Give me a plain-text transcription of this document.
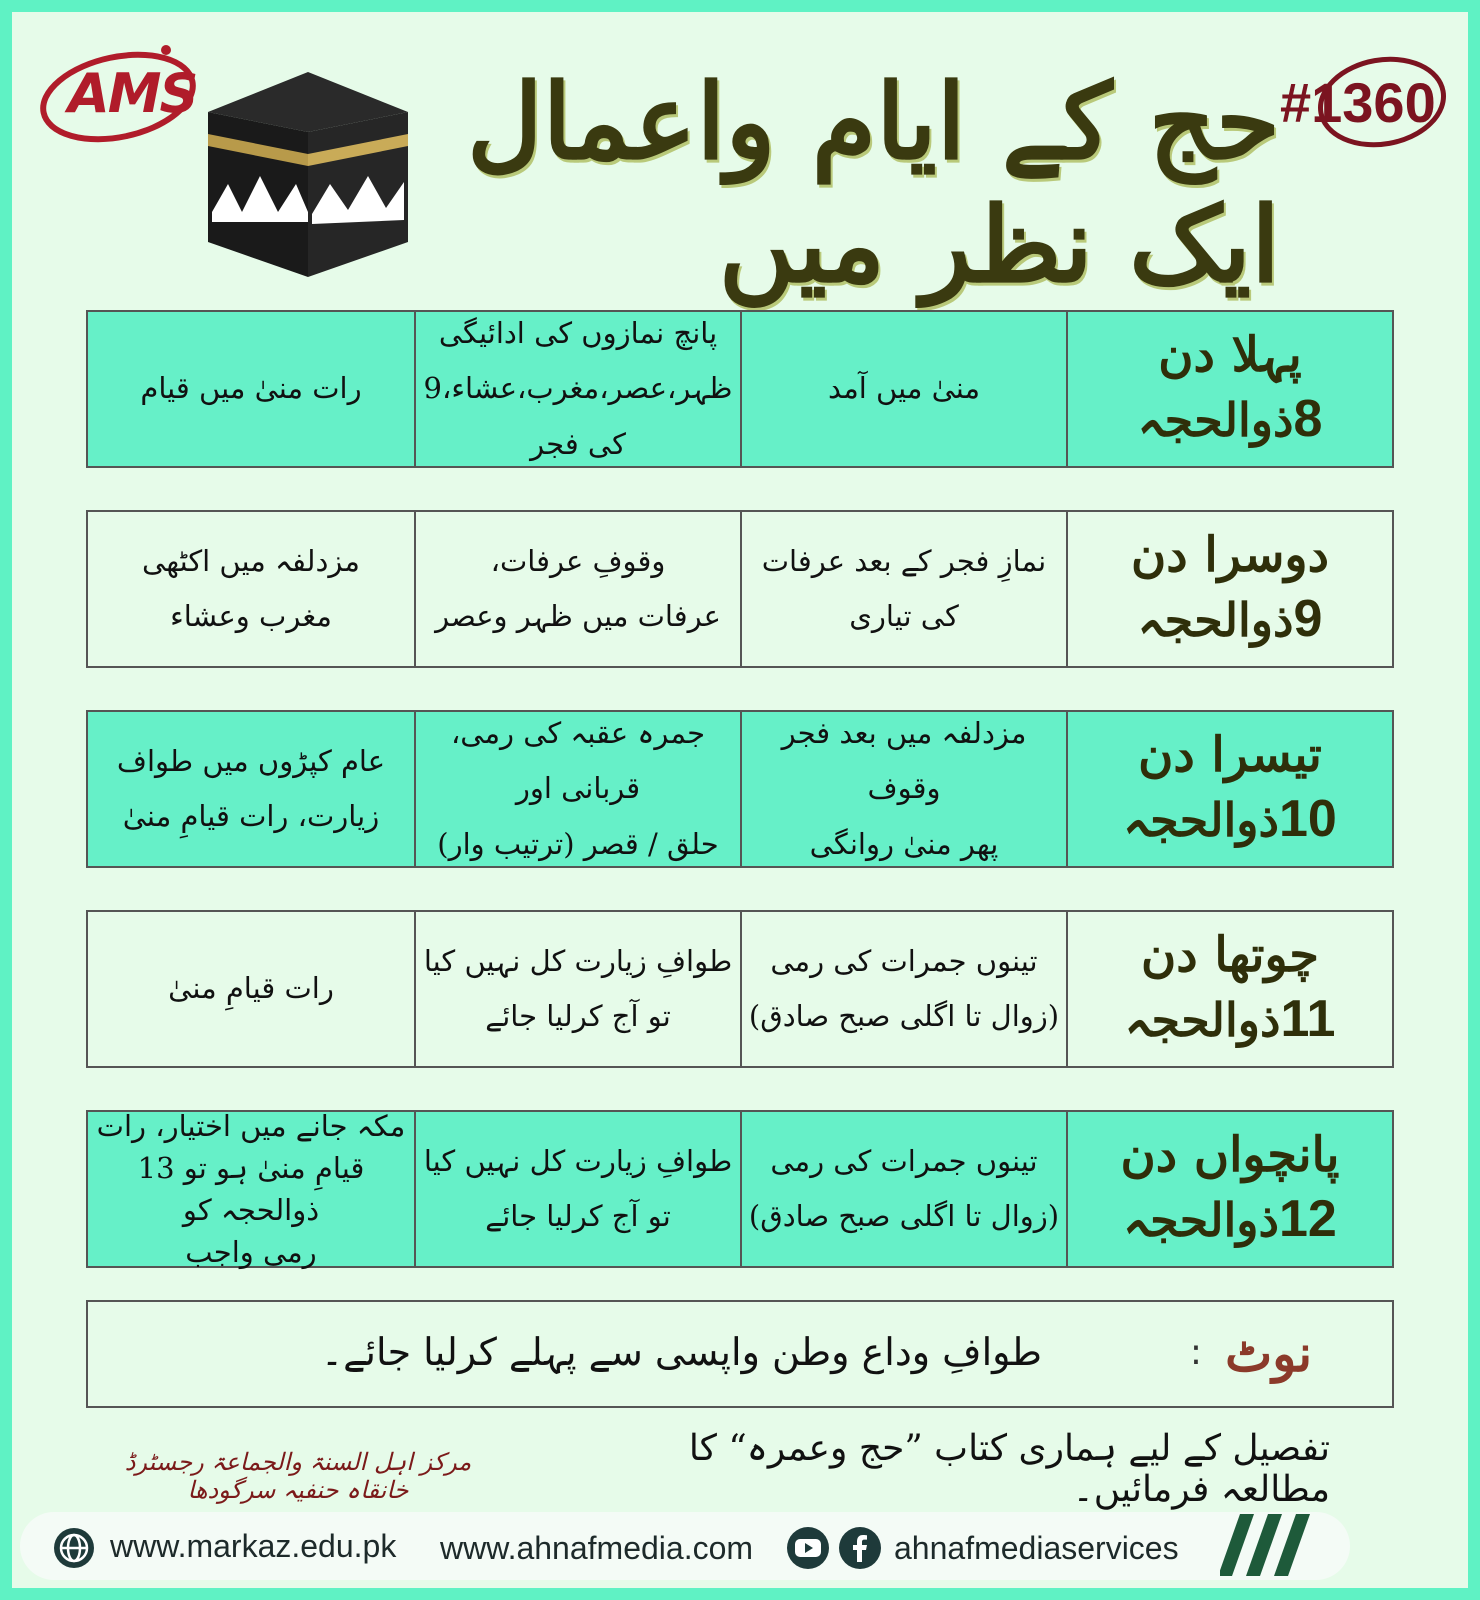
AMS	#1360
حج کے ایام واعمال ایک نظر میں
پہلا دن
8ذوالحجہ
منیٰ میں آمد
پانچ نمازوں کی ادائیگی
ظہر،عصر،مغرب،عشاء،9 کی فجر
رات منیٰ میں قیام
دوسرا دن
9ذوالحجہ
نمازِ فجر کے بعد عرفات کی تیاری
وقوفِ عرفات،
عرفات میں ظہر وعصر
مزدلفہ میں اکٹھی
مغرب وعشاء
تیسرا دن
10ذوالحجہ
مزدلفہ میں بعد فجر وقوف
پھر منیٰ روانگی
جمرہ عقبہ کی رمی، قربانی اور
حلق / قصر (ترتیب وار)
عام کپڑوں میں طواف
زیارت، رات قیامِ منیٰ
چوتھا دن
11ذوالحجہ
تینوں جمرات کی رمی
(زوال تا اگلی صبح صادق)
طوافِ زیارت کل نہیں کیا
تو آج کرلیا جائے
رات قیامِ منیٰ
پانچواں دن
12ذوالحجہ
تینوں جمرات کی رمی
(زوال تا اگلی صبح صادق)
طوافِ زیارت کل نہیں کیا
تو آج کرلیا جائے
مکہ جانے میں اختیار، رات
قیامِ منیٰ ہو تو 13 ذوالحجہ کو
رمی واجب
نوٹ
:
طوافِ وداع وطن واپسی سے پہلے کرلیا جائے۔
تفصیل کے لیے ہماری کتاب ”حج وعمرہ“ کا مطالعہ فرمائیں۔
مرکز اہل السنۃ والجماعۃ رجسٹرڈ خانقاہ حنفیہ سرگودھا
www.markaz.edu.pk www.ahnafmedia.com	ahnafmediaservices
